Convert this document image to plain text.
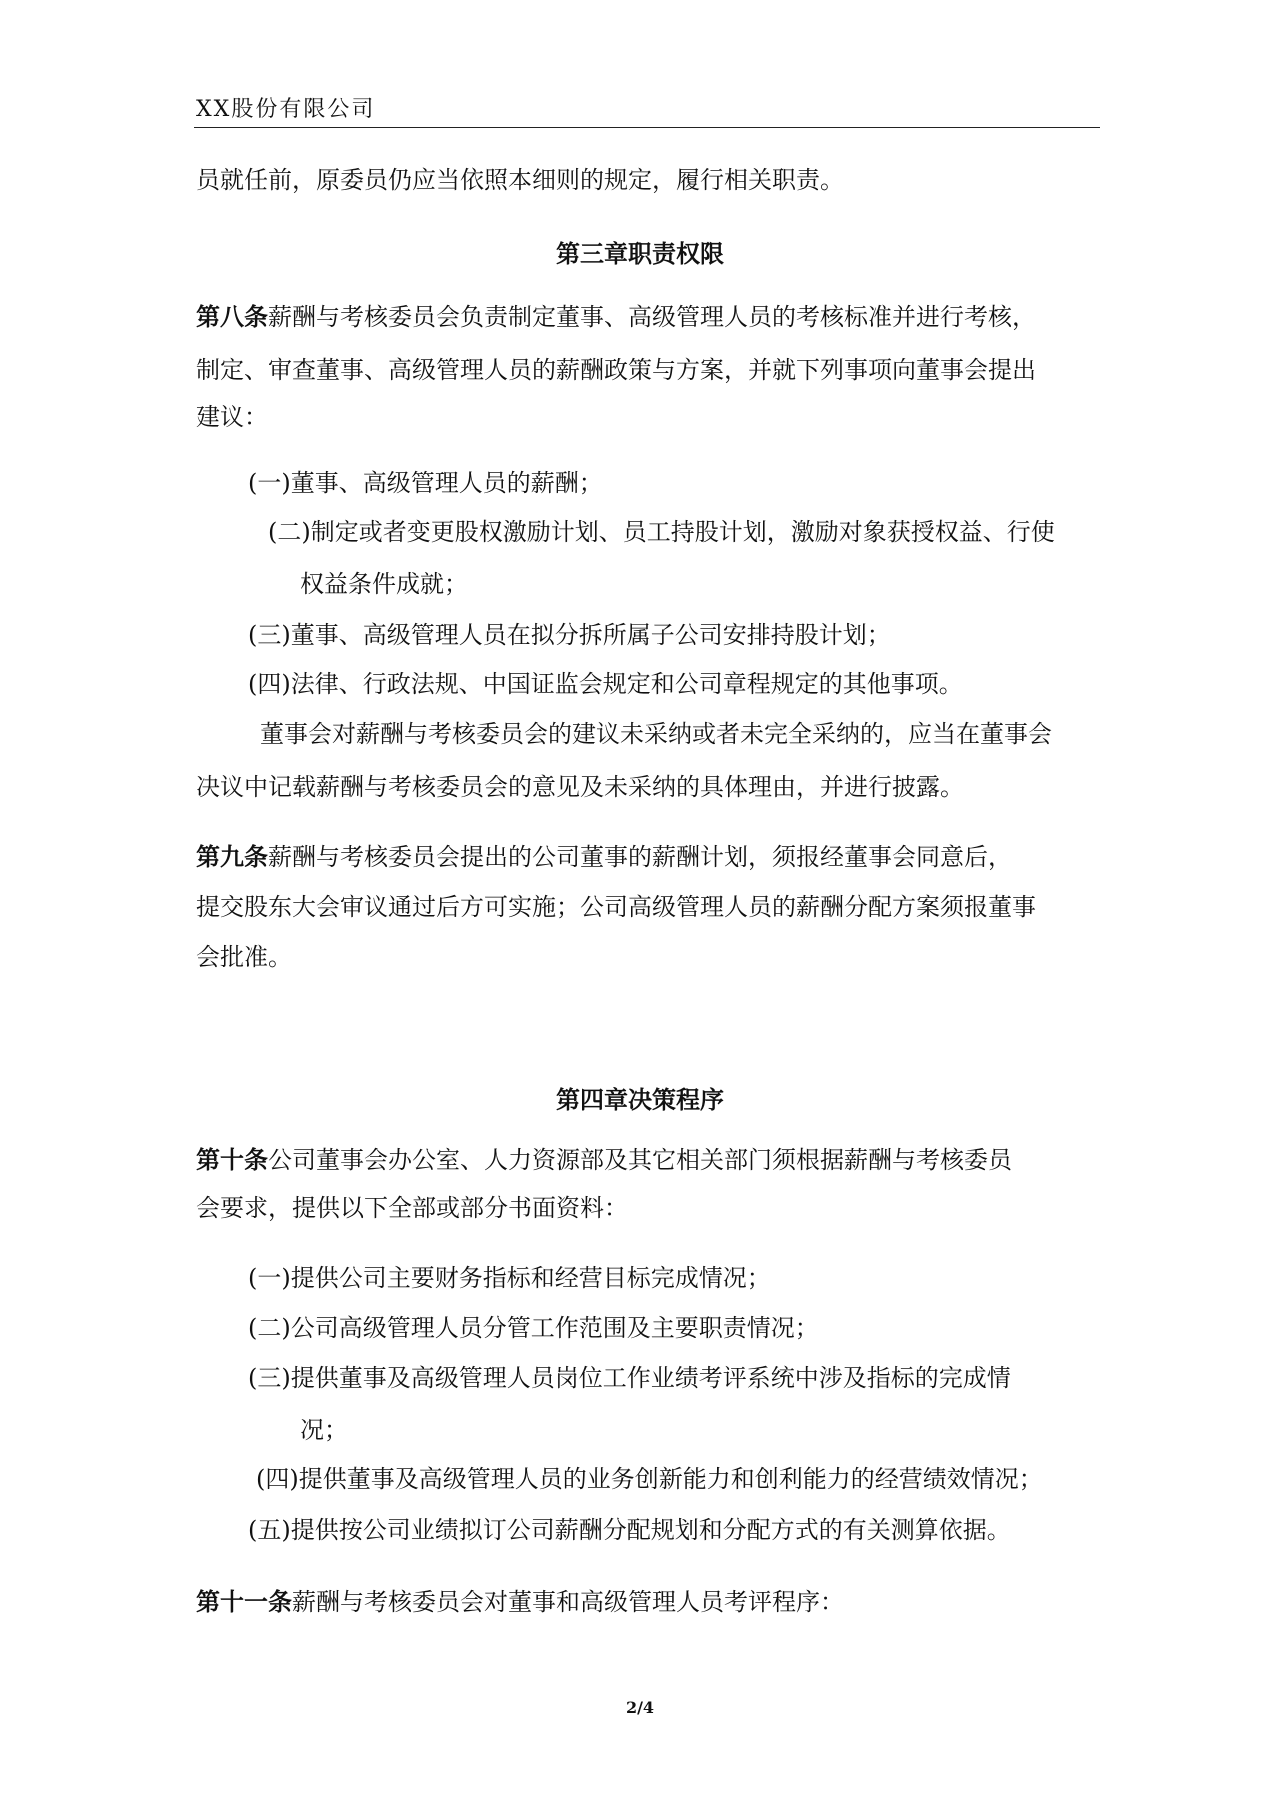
XX股份有限公司
员就任前，原委员仍应当依照本细则的规定，履行相关职责。
第三章职责权限
第八条薪酬与考核委员会负责制定董事、高级管理人员的考核标准并进行考核，
制定、审查董事、高级管理人员的薪酬政策与方案，并就下列事项向董事会提出
建议：
(一)董事、高级管理人员的薪酬；
(二)制定或者变更股权激励计划、员工持股计划，激励对象获授权益、行使
权益条件成就；
(三)董事、高级管理人员在拟分拆所属子公司安排持股计划；
(四)法律、行政法规、中国证监会规定和公司章程规定的其他事项。
董事会对薪酬与考核委员会的建议未采纳或者未完全采纳的，应当在董事会
决议中记载薪酬与考核委员会的意见及未采纳的具体理由，并进行披露。
第九条薪酬与考核委员会提出的公司董事的薪酬计划，须报经董事会同意后，
提交股东大会审议通过后方可实施；公司高级管理人员的薪酬分配方案须报董事
会批准。
第四章决策程序
第十条公司董事会办公室、人力资源部及其它相关部门须根据薪酬与考核委员
会要求，提供以下全部或部分书面资料：
(一)提供公司主要财务指标和经营目标完成情况；
(二)公司高级管理人员分管工作范围及主要职责情况；
(三)提供董事及高级管理人员岗位工作业绩考评系统中涉及指标的完成情
况；
(四)提供董事及高级管理人员的业务创新能力和创利能力的经营绩效情况；
(五)提供按公司业绩拟订公司薪酬分配规划和分配方式的有关测算依据。
第十一条薪酬与考核委员会对董事和高级管理人员考评程序：
2/4
